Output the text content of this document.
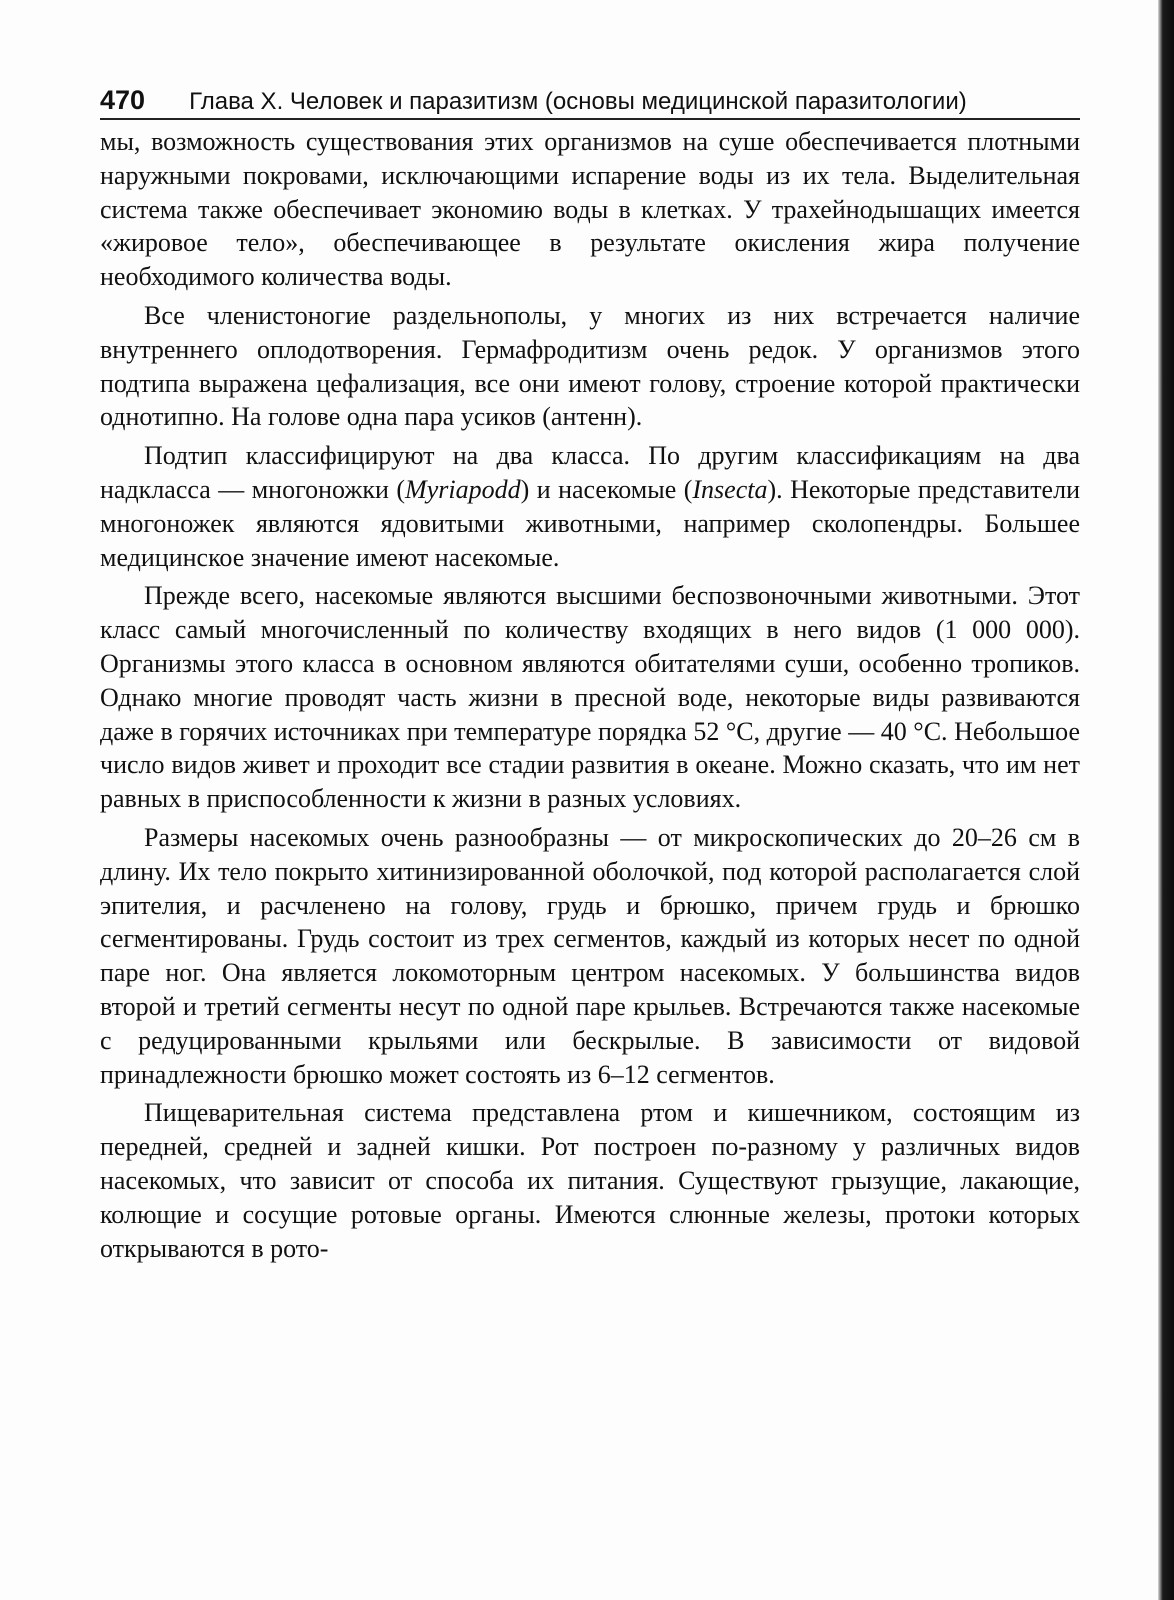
470 Глава X. Человек и паразитизм (основы медицинской паразитологии)

мы, возможность существования этих организмов на суше обеспечивается плотными наружными покровами, исключающими испарение воды из их тела. Выделительная система также обеспечивает экономию воды в клетках. У трахейнодышащих имеется «жировое тело», обеспечивающее в результате окисления жира получение необходимого количества воды.

Все членистоногие раздельнополы, у многих из них встречается наличие внутреннего оплодотворения. Гермафродитизм очень редок. У организмов этого подтипа выражена цефализация, все они имеют голову, строение которой практически однотипно. На голове одна пара усиков (антенн).

Подтип классифицируют на два класса. По другим классификациям на два надкласса — многоножки (Myriapodd) и насекомые (Insecta). Некоторые представители многоножек являются ядовитыми животными, например сколопендры. Большее медицинское значение имеют насекомые.

Прежде всего, насекомые являются высшими беспозвоночными животными. Этот класс самый многочисленный по количеству входящих в него видов (1 000 000). Организмы этого класса в основном являются обитателями суши, особенно тропиков. Однако многие проводят часть жизни в пресной воде, некоторые виды развиваются даже в горячих источниках при температуре порядка 52 °С, другие — 40 °С. Небольшое число видов живет и проходит все стадии развития в океане. Можно сказать, что им нет равных в приспособленности к жизни в разных условиях.

Размеры насекомых очень разнообразны — от микроскопических до 20–26 см в длину. Их тело покрыто хитинизированной оболочкой, под которой располагается слой эпителия, и расчленено на голову, грудь и брюшко, причем грудь и брюшко сегментированы. Грудь состоит из трех сегментов, каждый из которых несет по одной паре ног. Она является локомоторным центром насекомых. У большинства видов второй и третий сегменты несут по одной паре крыльев. Встречаются также насекомые с редуцированными крыльями или бескрылые. В зависимости от видовой принадлежности брюшко может состоять из 6–12 сегментов.

Пищеварительная система представлена ртом и кишечником, состоящим из передней, средней и задней кишки. Рот построен по-разному у различных видов насекомых, что зависит от способа их питания. Существуют грызущие, лакающие, колющие и сосущие ротовые органы. Имеются слюнные железы, протоки которых открываются в рото-
